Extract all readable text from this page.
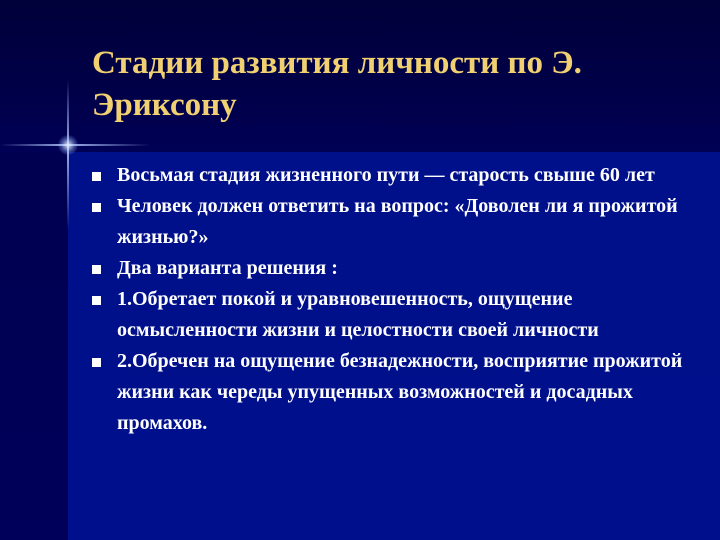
Стадии развития личности по Э. Эриксону
Восьмая стадия жизненного пути — старость свыше 60 лет
Человек должен ответить на вопрос: «Доволен ли я прожитой жизнью?»
Два варианта решения :
1.Обретает покой и уравновешенность, ощущение осмысленности жизни и целостности своей личности
2.Обречен на ощущение безнадежности, восприятие прожитой жизни как череды упущенных возможностей и досадных промахов.
